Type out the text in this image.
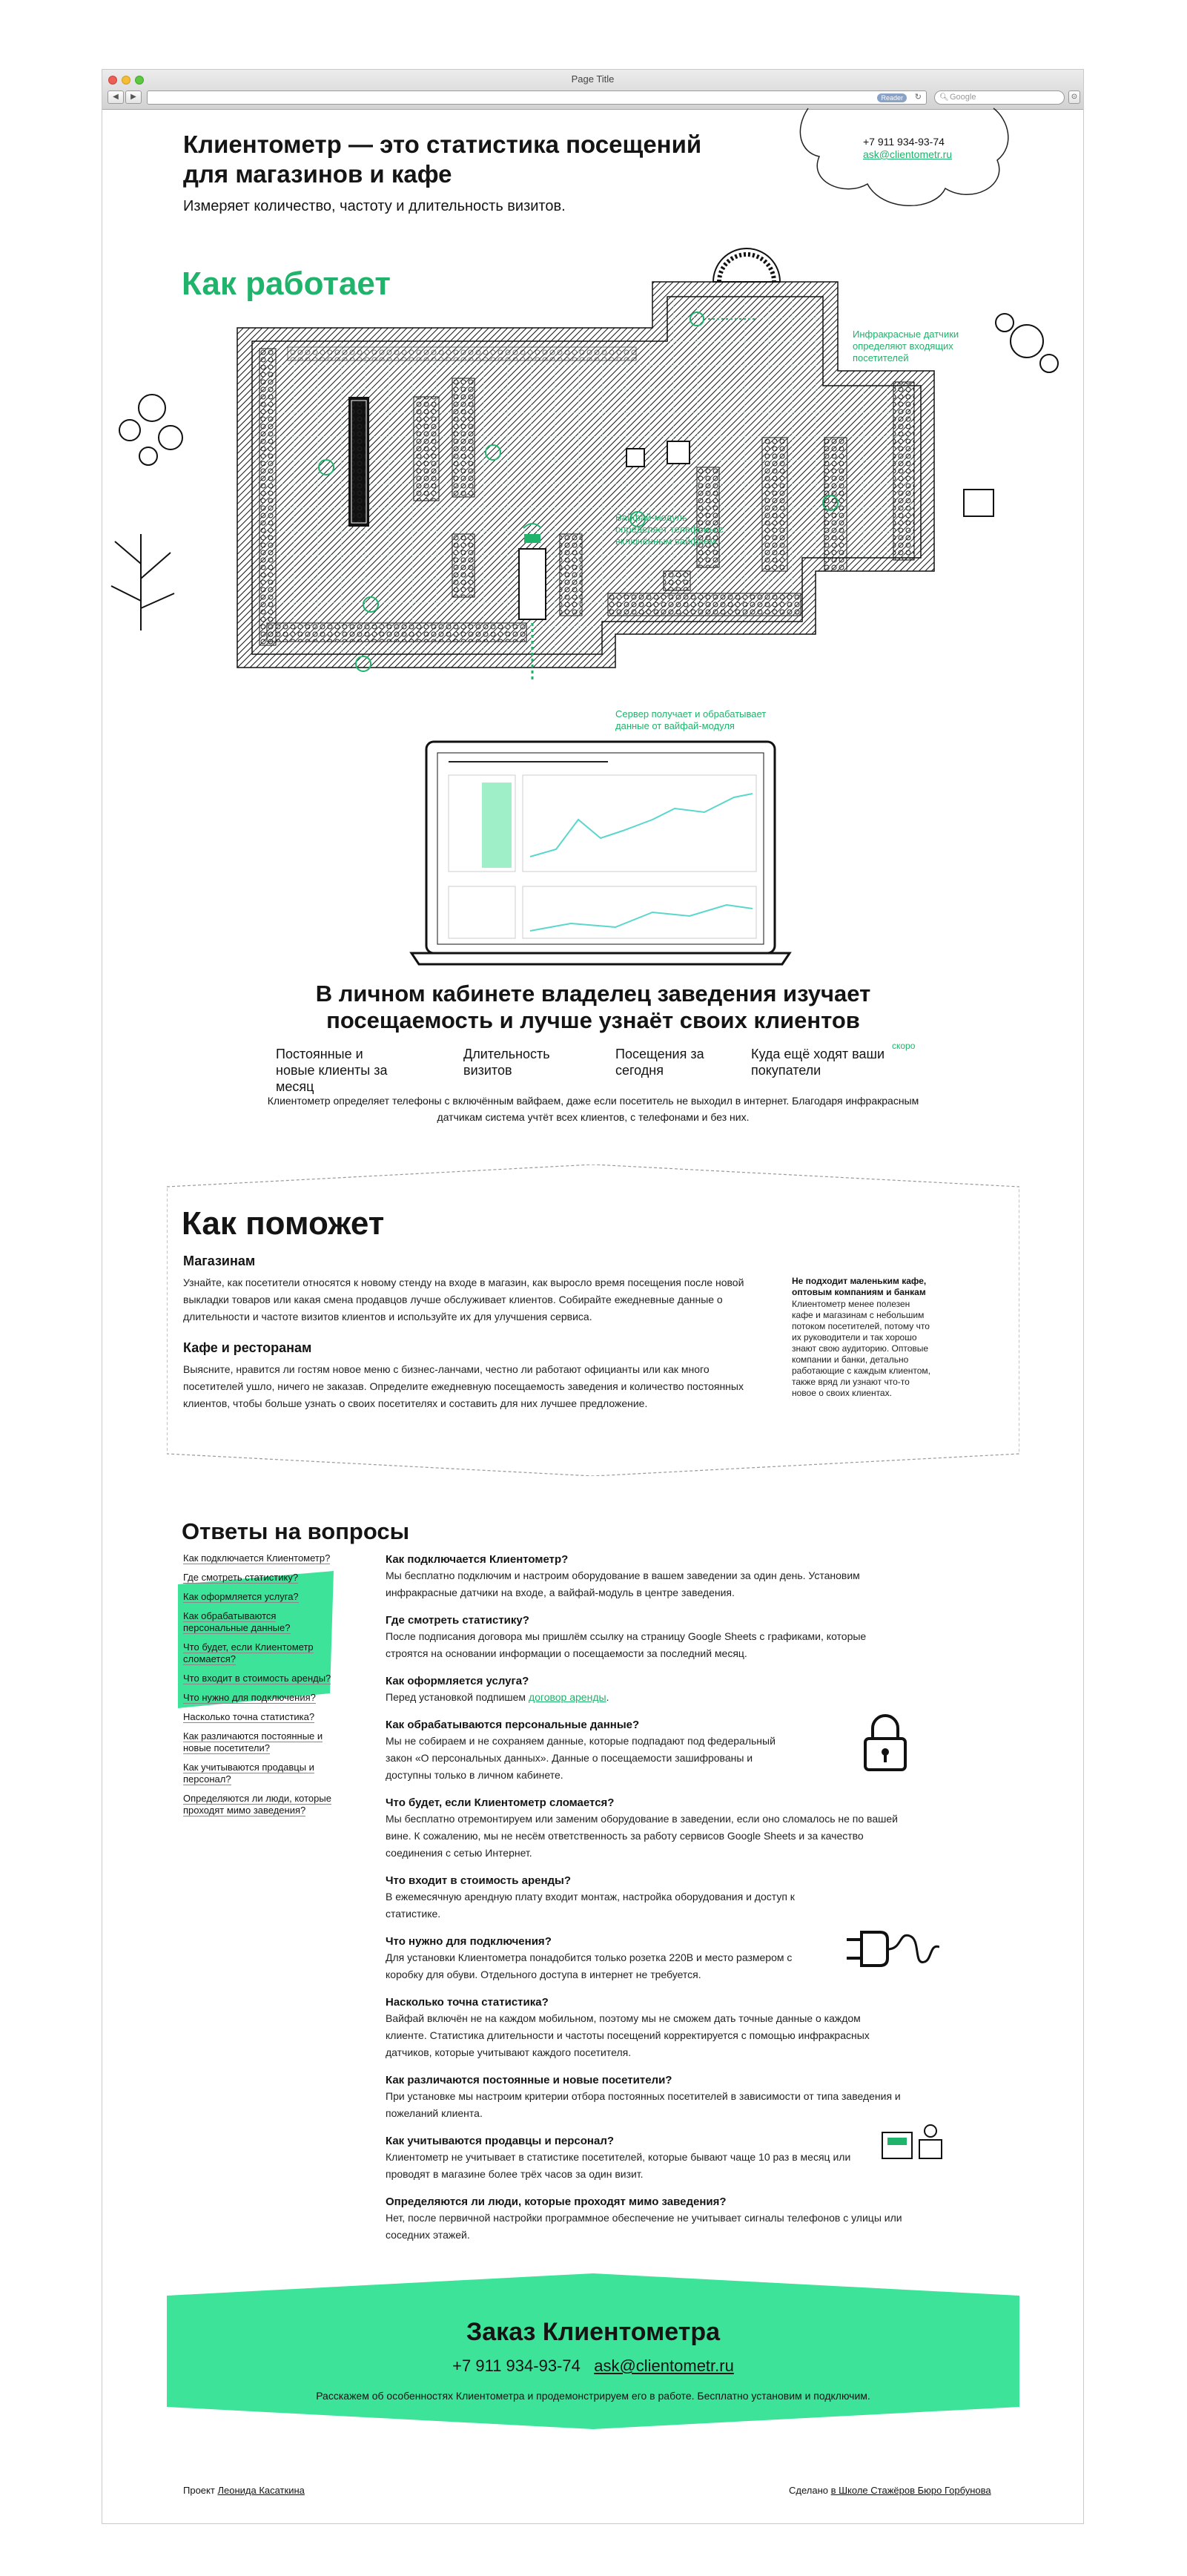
Page Title
◀	▶	Reader	↻ 🔍︎ Google	⊙
Клиентометр — это статистика посещений для магазинов и кафе
Измеряет количество, частоту и длительность визитов.
+7 911 934-93-74
ask@clientometr.ru
Как работает
Инфракрасные датчики определяют входящих посетителей
Вайфай-модуль определяет телефоны с включённым вайфаем
Сервер получает и обрабатывает данные от вайфай-модуля
В личном кабинете владелец заведения изучает посещаемость и лучше узнаёт своих клиентов
Постоянные и новые клиенты за месяц
Длительность визитов
Посещения за сегодня
Куда ещё ходят ваши покупатели
скоро
Клиентометр определяет телефоны с включённым вайфаем, даже если посетитель не выходил в интернет. Благодаря инфракрасным датчикам система учтёт всех клиентов, с телефонами и без них.
Как поможет
Магазинам
Узнайте, как посетители относятся к новому стенду на входе в магазин, как выросло время посещения после новой выкладки товаров или какая смена продавцов лучше обслуживает клиентов. Собирайте ежедневные данные о длительности и частоте визитов клиентов и используйте их для улучшения сервиса.
Кафе и ресторанам
Выясните, нравится ли гостям новое меню с бизнес-ланчами, честно ли работают официанты или как много посетителей ушло, ничего не заказав. Определите ежедневную посещаемость заведения и количество постоянных клиентов, чтобы больше узнать о своих посетителях и составить для них лучшее предложение.
Не подходит маленьким кафе, оптовым компаниям и банкам
Клиентометр менее полезен кафе и магазинам с небольшим потоком посетителей, потому что их руководители и так хорошо знают свою аудиторию. Оптовые компании и банки, детально работающие с каждым клиентом, также вряд ли узнают что-то новое о своих клиентах.
Ответы на вопросы
Как подключается Клиентометр?
Где смотреть статистику?
Как оформляется услуга?
Как обрабатываются персональные данные?
Что будет, если Клиентометр сломается?
Что входит в стоимость аренды?
Что нужно для подключения?
Насколько точна статистика?
Как различаются постоянные и новые посетители?
Как учитываются продавцы и персонал?
Определяются ли люди, которые проходят мимо заведения?
Как подключается Клиентометр?
Мы бесплатно подключим и настроим оборудование в вашем заведении за один день. Установим инфракрасные датчики на входе, а вайфай-модуль в центре заведения.
Где смотреть статистику?
После подписания договора мы пришлём ссылку на страницу Google Sheets с графиками, которые строятся на основании информации о посещаемости за последний месяц.
Как оформляется услуга?
Перед установкой подпишем договор аренды.
Как обрабатываются персональные данные?
Мы не собираем и не сохраняем данные, которые подпадают под федеральный закон «О персональных данных». Данные о посещаемости зашифрованы и доступны только в личном кабинете.
Что будет, если Клиентометр сломается?
Мы бесплатно отремонтируем или заменим оборудование в заведении, если оно сломалось не по вашей вине. К сожалению, мы не несём ответственность за работу сервисов Google Sheets и за качество соединения с сетью Интернет.
Что входит в стоимость аренды?
В ежемесячную арендную плату входит монтаж, настройка оборудования и доступ к статистике.
Что нужно для подключения?
Для установки Клиентометра понадобится только розетка 220В и место размером с коробку для обуви. Отдельного доступа в интернет не требуется.
Насколько точна статистика?
Вайфай включён не на каждом мобильном, поэтому мы не сможем дать точные данные о каждом клиенте. Статистика длительности и частоты посещений корректируется с помощью инфракрасных датчиков, которые учитывают каждого посетителя.
Как различаются постоянные и новые посетители?
При установке мы настроим критерии отбора постоянных посетителей в зависимости от типа заведения и пожеланий клиента.
Как учитываются продавцы и персонал?
Клиентометр не учитывает в статистике посетителей, которые бывают чаще 10 раз в месяц или проводят в магазине более трёх часов за один визит.
Определяются ли люди, которые проходят мимо заведения?
Нет, после первичной настройки программное обеспечение не учитывает сигналы телефонов с улицы или соседних этажей.
Заказ Клиентометра
+7 911 934-93-74 ask@clientometr.ru
Расскажем об особенностях Клиентометра и продемонстрируем его в работе. Бесплатно установим и подключим.
Проект Леонида Касаткина	Сделано в Школе Стажёров Бюро Горбунова
